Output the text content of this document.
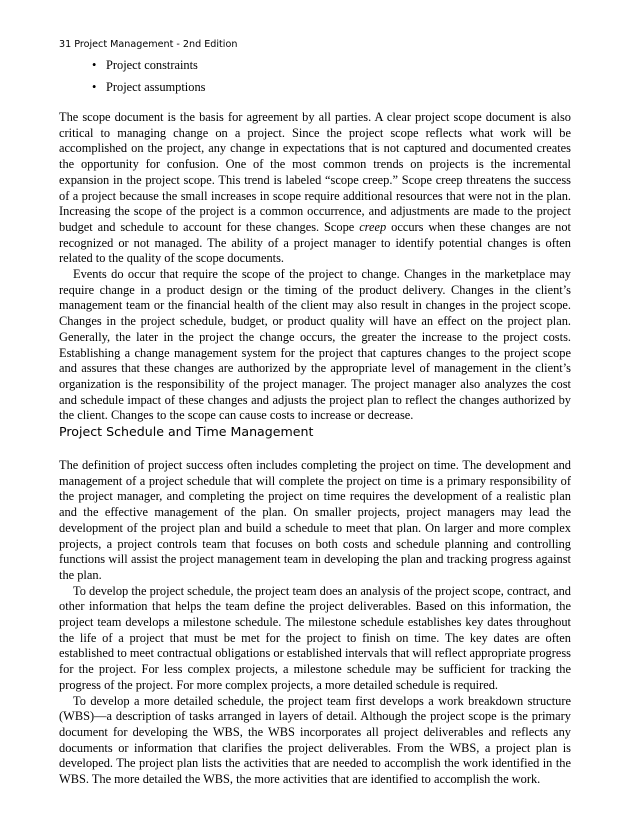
31 Project Management - 2nd Edition
• Project constraints
• Project assumptions

The scope document is the basis for agreement by all parties. A clear project scope document is also critical to managing change on a project. Since the project scope reflects what work will be accomplished on the project, any change in expectations that is not captured and documented creates the opportunity for confusion. One of the most common trends on projects is the incremental expansion in the project scope. This trend is labeled “scope creep.” Scope creep threatens the success of a project because the small increases in scope require additional resources that were not in the plan. Increasing the scope of the project is a common occurrence, and adjustments are made to the project budget and schedule to account for these changes. Scope creep occurs when these changes are not recognized or not managed. The ability of a project manager to identify potential changes is often related to the quality of the scope documents.

Events do occur that require the scope of the project to change. Changes in the marketplace may require change in a product design or the timing of the product delivery. Changes in the client’s management team or the financial health of the client may also result in changes in the project scope. Changes in the project schedule, budget, or product quality will have an effect on the project plan. Generally, the later in the project the change occurs, the greater the increase to the project costs. Establishing a change management system for the project that captures changes to the project scope and assures that these changes are authorized by the appropriate level of management in the client’s organization is the responsibility of the project manager. The project manager also analyzes the cost and schedule impact of these changes and adjusts the project plan to reflect the changes authorized by the client. Changes to the scope can cause costs to increase or decrease.

Project Schedule and Time Management

The definition of project success often includes completing the project on time. The development and management of a project schedule that will complete the project on time is a primary responsibility of the project manager, and completing the project on time requires the development of a realistic plan and the effective management of the plan. On smaller projects, project managers may lead the development of the project plan and build a schedule to meet that plan. On larger and more complex projects, a project controls team that focuses on both costs and schedule planning and controlling functions will assist the project management team in developing the plan and tracking progress against the plan.

To develop the project schedule, the project team does an analysis of the project scope, contract, and other information that helps the team define the project deliverables. Based on this information, the project team develops a milestone schedule. The milestone schedule establishes key dates throughout the life of a project that must be met for the project to finish on time. The key dates are often established to meet contractual obligations or established intervals that will reflect appropriate progress for the project. For less complex projects, a milestone schedule may be sufficient for tracking the progress of the project. For more complex projects, a more detailed schedule is required.

To develop a more detailed schedule, the project team first develops a work breakdown structure (WBS)—a description of tasks arranged in layers of detail. Although the project scope is the primary document for developing the WBS, the WBS incorporates all project deliverables and reflects any documents or information that clarifies the project deliverables. From the WBS, a project plan is developed. The project plan lists the activities that are needed to accomplish the work identified in the WBS. The more detailed the WBS, the more activities that are identified to accomplish the work.
